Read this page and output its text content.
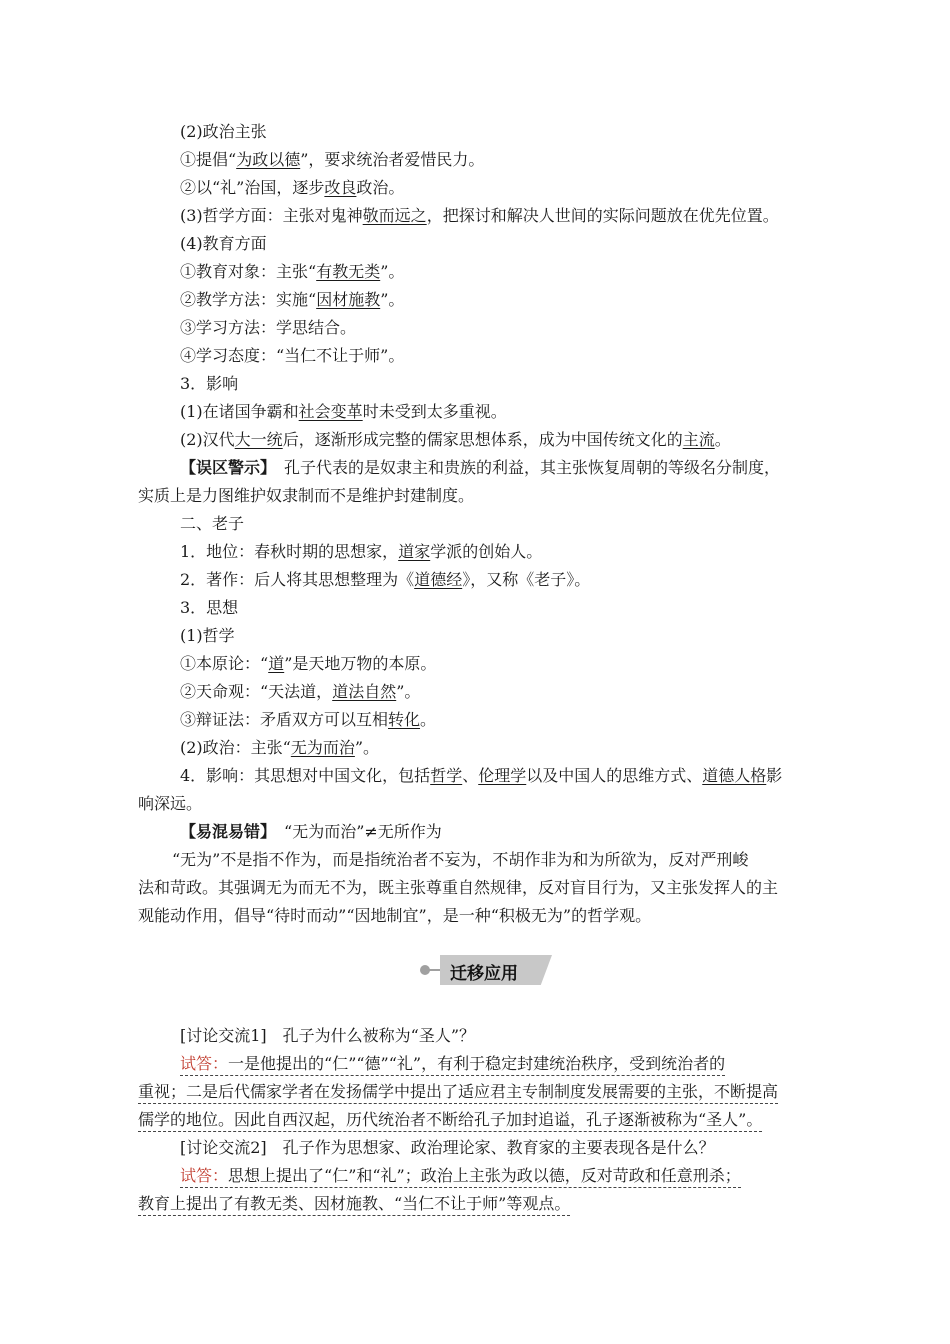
(2)政治主张
①提倡“为政以德”，要求统治者爱惜民力。
②以“礼”治国，逐步改良政治。
(3)哲学方面：主张对鬼神敬而远之，把探讨和解决人世间的实际问题放在优先位置。
(4)教育方面
①教育对象：主张“有教无类”。
②教学方法：实施“因材施教”。
③学习方法：学思结合。
④学习态度：“当仁不让于师”。
3．影响
(1)在诸国争霸和社会变革时未受到太多重视。
(2)汉代大一统后，逐渐形成完整的儒家思想体系，成为中国传统文化的主流。
【误区警示】　孔子代表的是奴隶主和贵族的利益，其主张恢复周朝的等级名分制度，
实质上是力图维护奴隶制而不是维护封建制度。
二、老子
1．地位：春秋时期的思想家，道家学派的创始人。
2．著作：后人将其思想整理为《道德经》，又称《老子》。
3．思想
(1)哲学
①本原论：“道”是天地万物的本原。
②天命观：“天法道，道法自然”。
③辩证法：矛盾双方可以互相转化。
(2)政治：主张“无为而治”。
4．影响：其思想对中国文化，包括哲学、伦理学以及中国人的思维方式、道德人格影
响深远。
【易混易错】　“无为而治”≠无所作为
“无为”不是指不作为，而是指统治者不妄为，不胡作非为和为所欲为，反对严刑峻
法和苛政。其强调无为而无不为，既主张尊重自然规律，反对盲目行为，又主张发挥人的主
观能动作用，倡导“待时而动”“因地制宜”，是一种“积极无为”的哲学观。
迁移应用
[讨论交流1]　孔子为什么被称为“圣人”？
试答：一是他提出的“仁”“德”“礼”，有利于稳定封建统治秩序，受到统治者的
重视；二是后代儒家学者在发扬儒学中提出了适应君主专制制度发展需要的主张，不断提高
儒学的地位。因此自西汉起，历代统治者不断给孔子加封追谥，孔子逐渐被称为“圣人”。
[讨论交流2]　孔子作为思想家、政治理论家、教育家的主要表现各是什么？
试答：思想上提出了“仁”和“礼”；政治上主张为政以德，反对苛政和任意刑杀；
教育上提出了有教无类、因材施教、“当仁不让于师”等观点。
